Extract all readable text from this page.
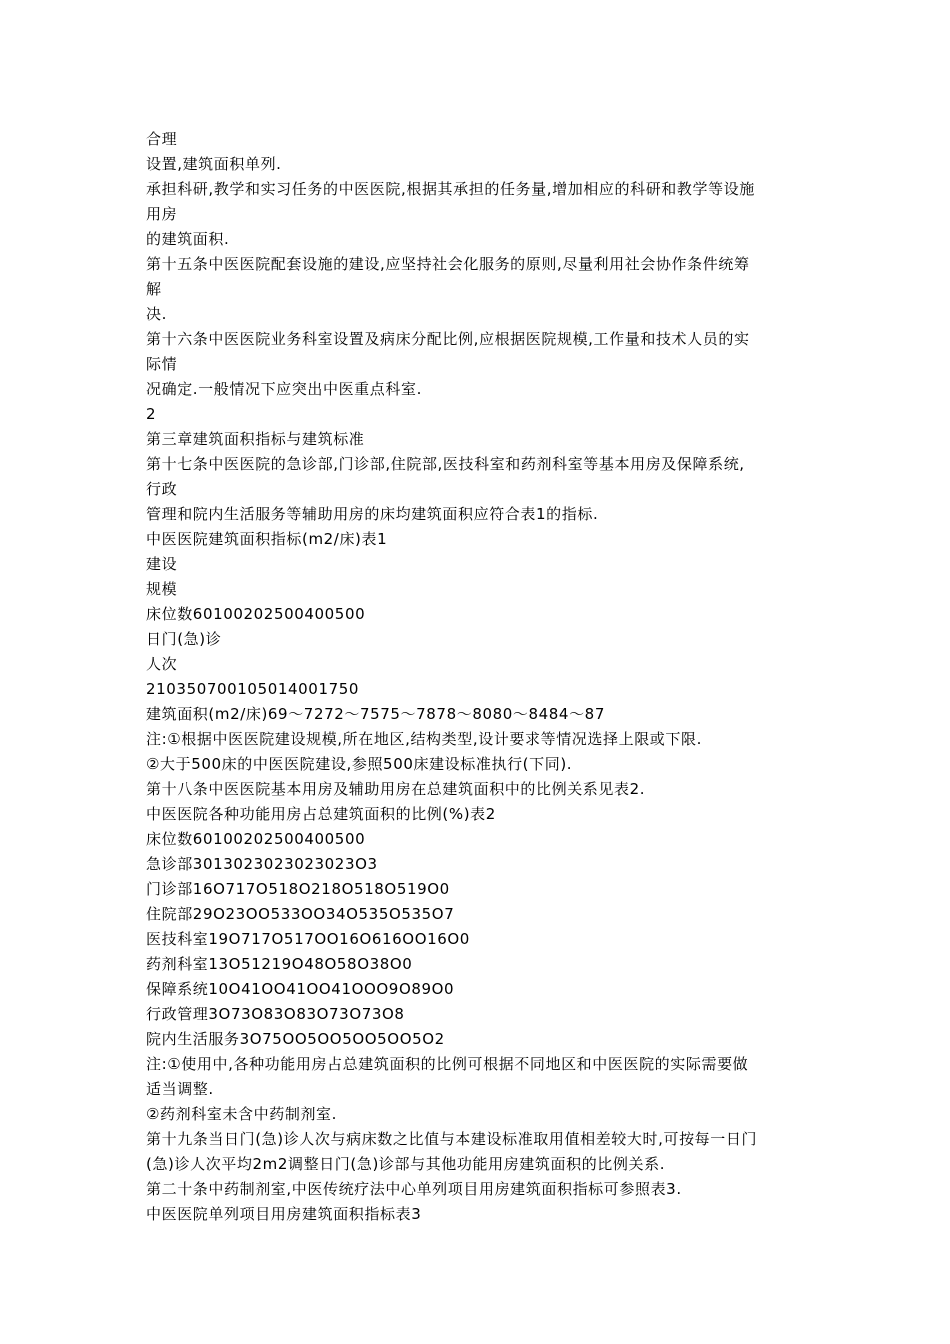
合理
设置,建筑面积单列.
承担科研,教学和实习任务的中医医院,根据其承担的任务量,增加相应的科研和教学等设施
用房
的建筑面积.
第十五条中医医院配套设施的建设,应坚持社会化服务的原则,尽量利用社会协作条件统筹
解
决.
第十六条中医医院业务科室设置及病床分配比例,应根据医院规模,工作量和技术人员的实
际情
况确定.一般情况下应突出中医重点科室.
2
第三章建筑面积指标与建筑标准
第十七条中医医院的急诊部,门诊部,住院部,医技科室和药剂科室等基本用房及保障系统,
行政
管理和院内生活服务等辅助用房的床均建筑面积应符合表1的指标.
中医医院建筑面积指标(m2/床)表1
建设
规模
床位数60100202500400500
日门(急)诊
人次
210350700105014001750
建筑面积(m2/床)69～7272～7575～7878～8080～8484～87
注:①根据中医医院建设规模,所在地区,结构类型,设计要求等情况选择上限或下限.
②大于500床的中医医院建设,参照500床建设标准执行(下同).
第十八条中医医院基本用房及辅助用房在总建筑面积中的比例关系见表2.
中医医院各种功能用房占总建筑面积的比例(%)表2
床位数60100202500400500
急诊部3013023023023023O3
门诊部16O717O518O218O518O519O0
住院部29O23OO533OO34O535O535O7
医技科室19O717O517OO16O616OO16O0
药剂科室13O51219O48O58O38O0
保障系统10O41OO41OO41OOO9O89O0
行政管理3O73O83O83O73O73O8
院内生活服务3O75OO5OO5OO5OO5O2
注:①使用中,各种功能用房占总建筑面积的比例可根据不同地区和中医医院的实际需要做
适当调整.
②药剂科室未含中药制剂室.
第十九条当日门(急)诊人次与病床数之比值与本建设标准取用值相差较大时,可按每一日门
(急)诊人次平均2m2调整日门(急)诊部与其他功能用房建筑面积的比例关系.
第二十条中药制剂室,中医传统疗法中心单列项目用房建筑面积指标可参照表3.
中医医院单列项目用房建筑面积指标表3
